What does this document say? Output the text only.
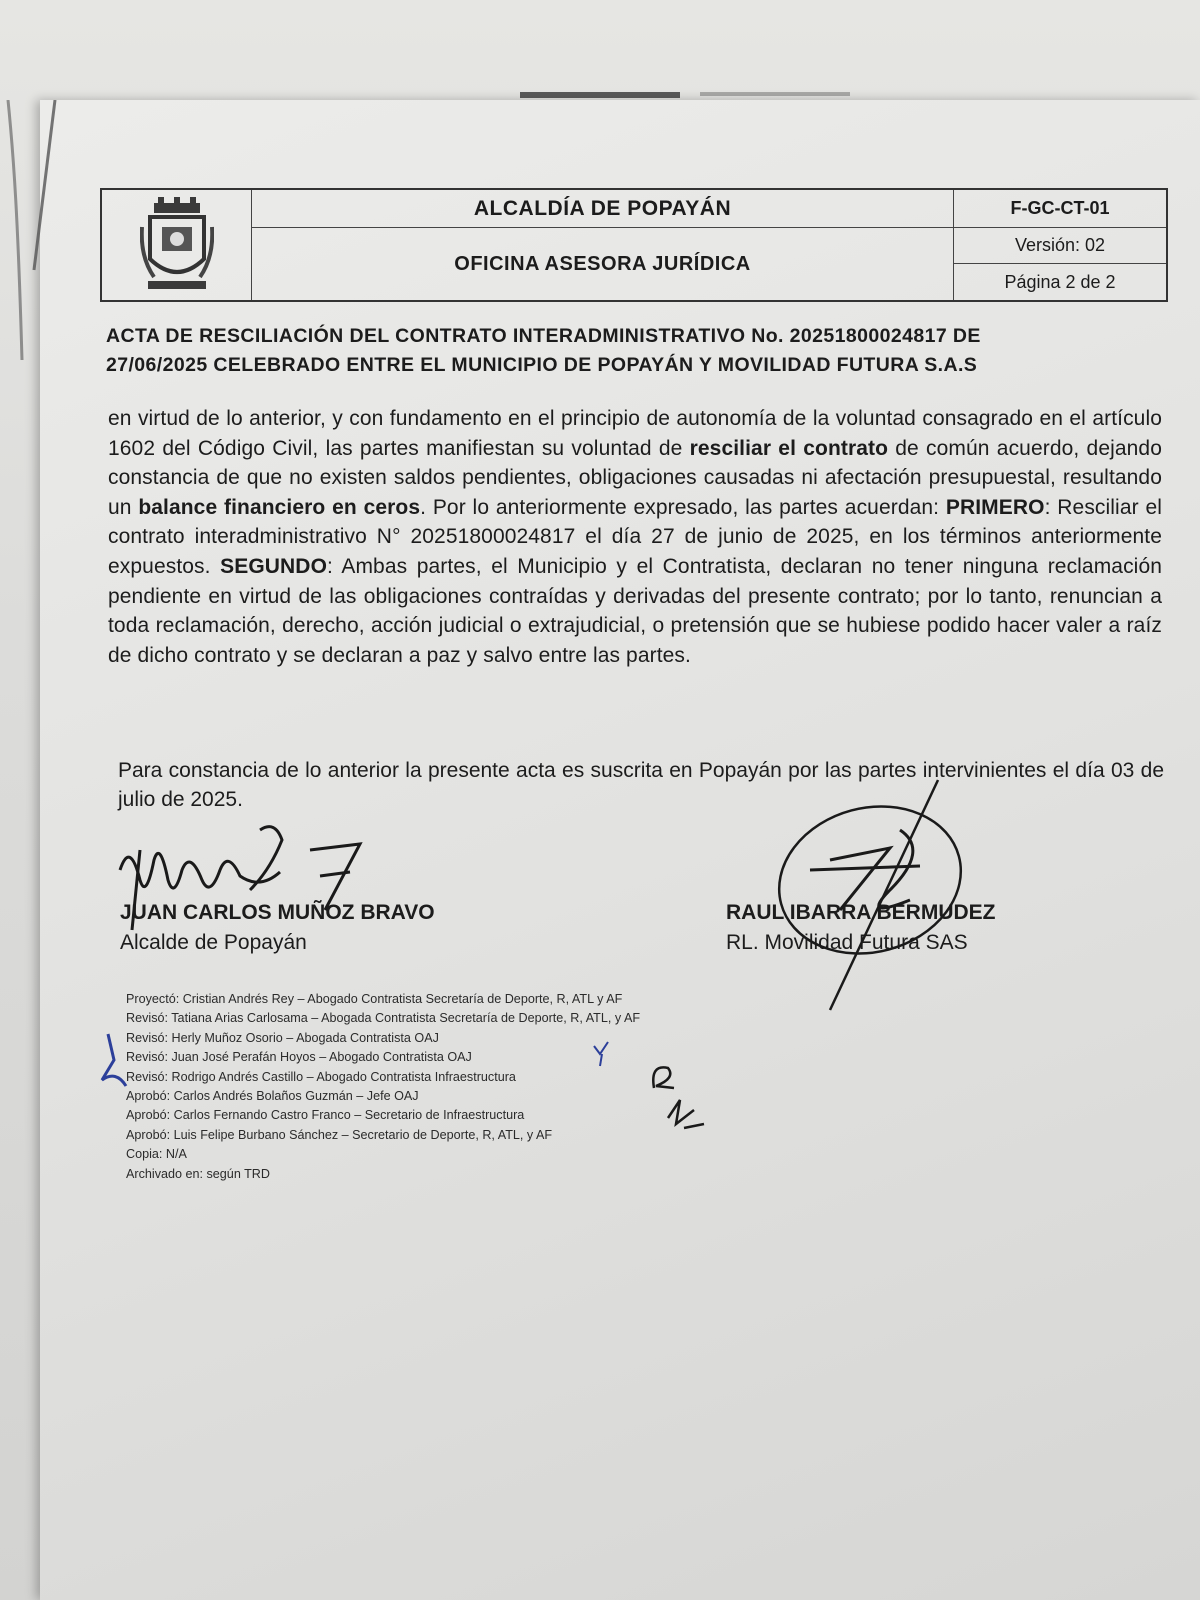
ALCALDÍA DE POPAYÁN
OFICINA ASESORA JURÍDICA
F-GC-CT-01
Versión: 02
Página 2 de 2
ACTA DE RESCILIACIÓN DEL CONTRATO INTERADMINISTRATIVO No. 20251800024817 DE
27/06/2025 CELEBRADO ENTRE EL MUNICIPIO DE POPAYÁN Y MOVILIDAD FUTURA S.A.S
en virtud de lo anterior, y con fundamento en el principio de autonomía de la voluntad consagrado en el artículo 1602 del Código Civil, las partes manifiestan su voluntad de resciliar el contrato de común acuerdo, dejando constancia de que no existen saldos pendientes, obligaciones causadas ni afectación presupuestal, resultando un balance financiero en ceros. Por lo anteriormente expresado, las partes acuerdan: PRIMERO: Resciliar el contrato interadministrativo N° 20251800024817 el día 27 de junio de 2025, en los términos anteriormente expuestos. SEGUNDO: Ambas partes, el Municipio y el Contratista, declaran no tener ninguna reclamación pendiente en virtud de las obligaciones contraídas y derivadas del presente contrato; por lo tanto, renuncian a toda reclamación, derecho, acción judicial o extrajudicial, o pretensión que se hubiese podido hacer valer a raíz de dicho contrato y se declaran a paz y salvo entre las partes.
Para constancia de lo anterior la presente acta es suscrita en Popayán por las partes intervinientes el día 03 de julio de 2025.
JUAN CARLOS MUÑOZ BRAVO
Alcalde de Popayán
RAUL IBARRA BERMUDEZ
RL. Movilidad Futura SAS
Proyectó: Cristian Andrés Rey – Abogado Contratista Secretaría de Deporte, R, ATL y AF
Revisó: Tatiana Arias Carlosama – Abogada Contratista Secretaría de Deporte, R, ATL, y AF
Revisó: Herly Muñoz Osorio – Abogada Contratista OAJ
Revisó: Juan José Perafán Hoyos – Abogado Contratista OAJ
Revisó: Rodrigo Andrés Castillo – Abogado Contratista Infraestructura
Aprobó: Carlos Andrés Bolaños Guzmán – Jefe OAJ
Aprobó: Carlos Fernando Castro Franco – Secretario de Infraestructura
Aprobó: Luis Felipe Burbano Sánchez – Secretario de Deporte, R, ATL, y AF
Copia: N/A
Archivado en: según TRD
